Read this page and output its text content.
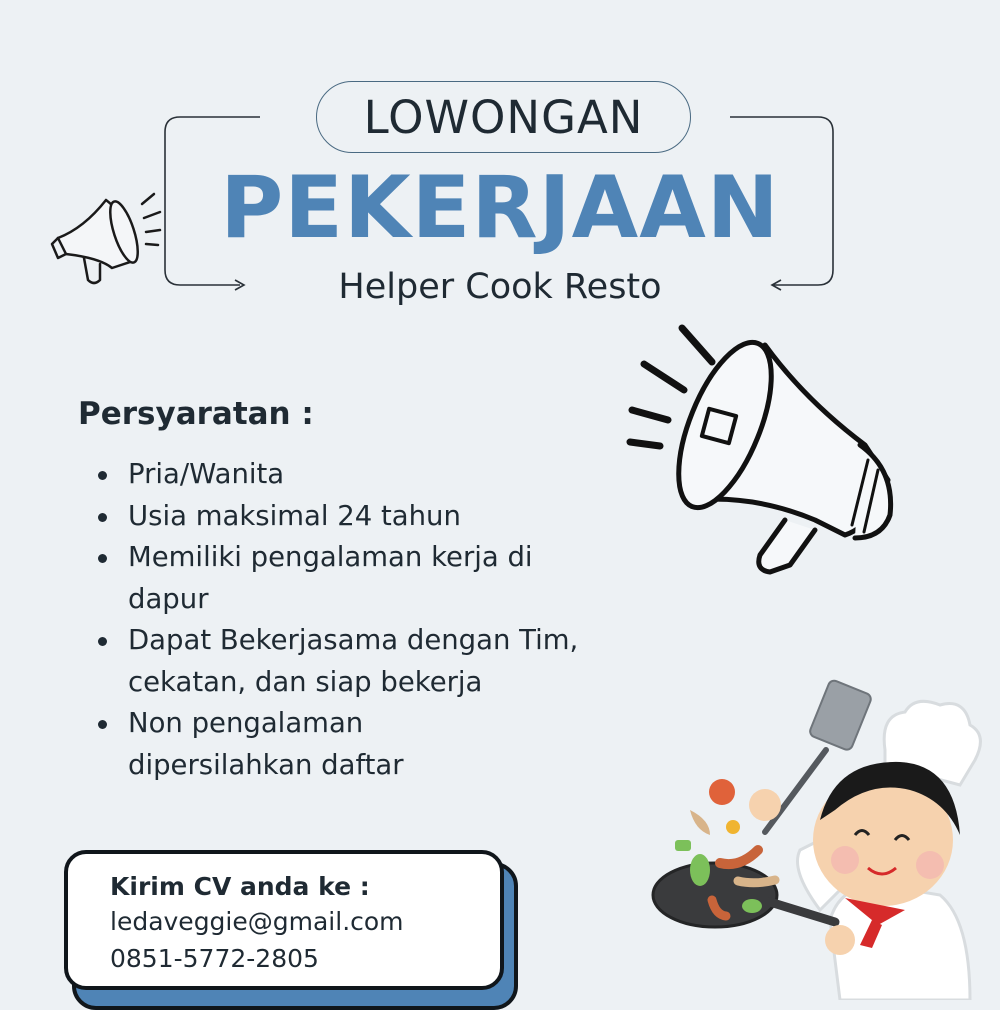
LOWONGAN
PEKERJAAN
Helper Cook Resto
Persyaratan :
Pria/Wanita
Usia maksimal 24 tahun
Memiliki pengalaman kerja di dapur
Dapat Bekerjasama dengan Tim, cekatan, dan siap bekerja
Non pengalaman dipersilahkan daftar
Kirim CV anda ke :
ledaveggie@gmail.com
0851-5772-2805
